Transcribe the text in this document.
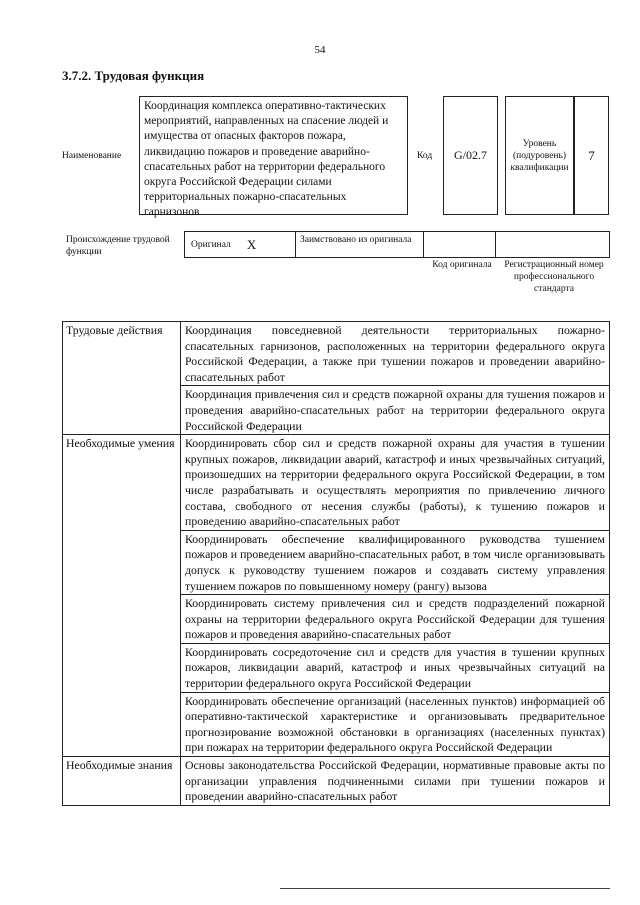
54
3.7.2. Трудовая функция
Наименование
Координация комплекса оперативно-тактических мероприятий, направленных на спасение людей и имущества от опасных факторов пожара, ликвидацию пожаров и проведение аварийно-спасательных работ на территории федерального округа Российской Федерации силами территориальных пожарно-спасательных гарнизонов
Код	G/02.7
Уровень (подуровень) квалификации
7
Происхождение трудовой функции
Оригинал X	Заимствовано из оригинала
Код оригинала	Регистрационный номер профессионального стандарта
Трудовые действия	Координация повседневной деятельности территориальных пожарно-спасательных гарнизонов, расположенных на территории федерального округа Российской Федерации, а также при тушении пожаров и проведении аварийно-спасательных работ
	Координация привлечения сил и средств пожарной охраны для тушения пожаров и проведения аварийно-спасательных работ на территории федерального округа Российской Федерации
Необходимые умения	Координировать сбор сил и средств пожарной охраны для участия в тушении крупных пожаров, ликвидации аварий, катастроф и иных чрезвычайных ситуаций, произошедших на территории федерального округа Российской Федерации, в том числе разрабатывать и осуществлять мероприятия по привлечению личного состава, свободного от несения службы (работы), к тушению пожаров и проведению аварийно-спасательных работ
	Координировать обеспечение квалифицированного руководства тушением пожаров и проведением аварийно-спасательных работ, в том числе организовывать допуск к руководству тушением пожаров и создавать систему управления тушением пожаров по повышенному номеру (рангу) вызова
	Координировать систему привлечения сил и средств подразделений пожарной охраны на территории федерального округа Российской Федерации для тушения пожаров и проведения аварийно-спасательных работ
	Координировать сосредоточение сил и средств для участия в тушении крупных пожаров, ликвидации аварий, катастроф и иных чрезвычайных ситуаций на территории федерального округа Российской Федерации
	Координировать обеспечение организаций (населенных пунктов) информацией об оперативно-тактической характеристике и организовывать предварительное прогнозирование возможной обстановки в организациях (населенных пунктах) при пожарах на территории федерального округа Российской Федерации
Необходимые знания	Основы законодательства Российской Федерации, нормативные правовые акты по организации управления подчиненными силами при тушении пожаров и проведении аварийно-спасательных работ
